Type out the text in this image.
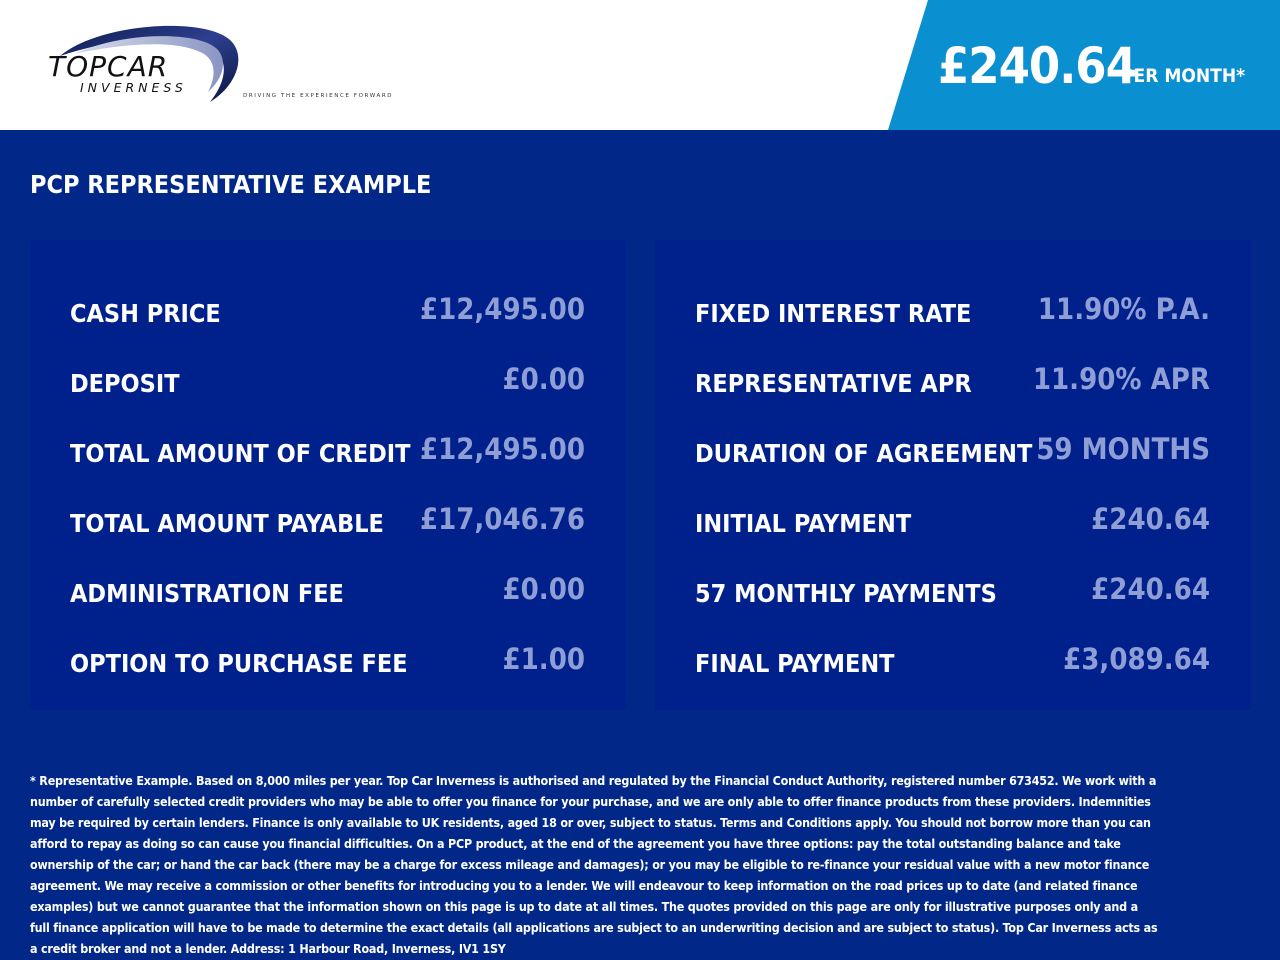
TOPCAR
INVERNESS
DRIVING THE EXPERIENCE FORWARD
£240.64
PER MONTH*
PCP REPRESENTATIVE EXAMPLE
CASH PRICE	£12,495.00
DEPOSIT	£0.00
TOTAL AMOUNT OF CREDIT £12,495.00
TOTAL AMOUNT PAYABLE £17,046.76
ADMINISTRATION FEE	£0.00
OPTION TO PURCHASE FEE	£1.00
FIXED INTEREST RATE 11.90% P.A.
REPRESENTATIVE APR 11.90% APR
DURATION OF AGREEMENT 59 MONTHS
INITIAL PAYMENT	£240.64
57 MONTHLY PAYMENTS	£240.64
FINAL PAYMENT	£3,089.64
* Representative Example. Based on 8,000 miles per year. Top Car Inverness is authorised and regulated by the Financial Conduct Authority, registered number 673452. We work with a number of carefully selected credit providers who may be able to offer you finance for your purchase, and we are only able to offer finance products from these providers. Indemnities may be required by certain lenders. Finance is only available to UK residents, aged 18 or over, subject to status. Terms and Conditions apply. You should not borrow more than you can afford to repay as doing so can cause you financial difficulties. On a PCP product, at the end of the agreement you have three options: pay the total outstanding balance and take ownership of the car; or hand the car back (there may be a charge for excess mileage and damages); or you may be eligible to re-finance your residual value with a new motor finance agreement. We may receive a commission or other benefits for introducing you to a lender. We will endeavour to keep information on the road prices up to date (and related finance examples) but we cannot guarantee that the information shown on this page is up to date at all times. The quotes provided on this page are only for illustrative purposes only and a full finance application will have to be made to determine the exact details (all applications are subject to an underwriting decision and are subject to status). Top Car Inverness acts as a credit broker and not a lender. Address: 1 Harbour Road, Inverness, IV1 1SY
